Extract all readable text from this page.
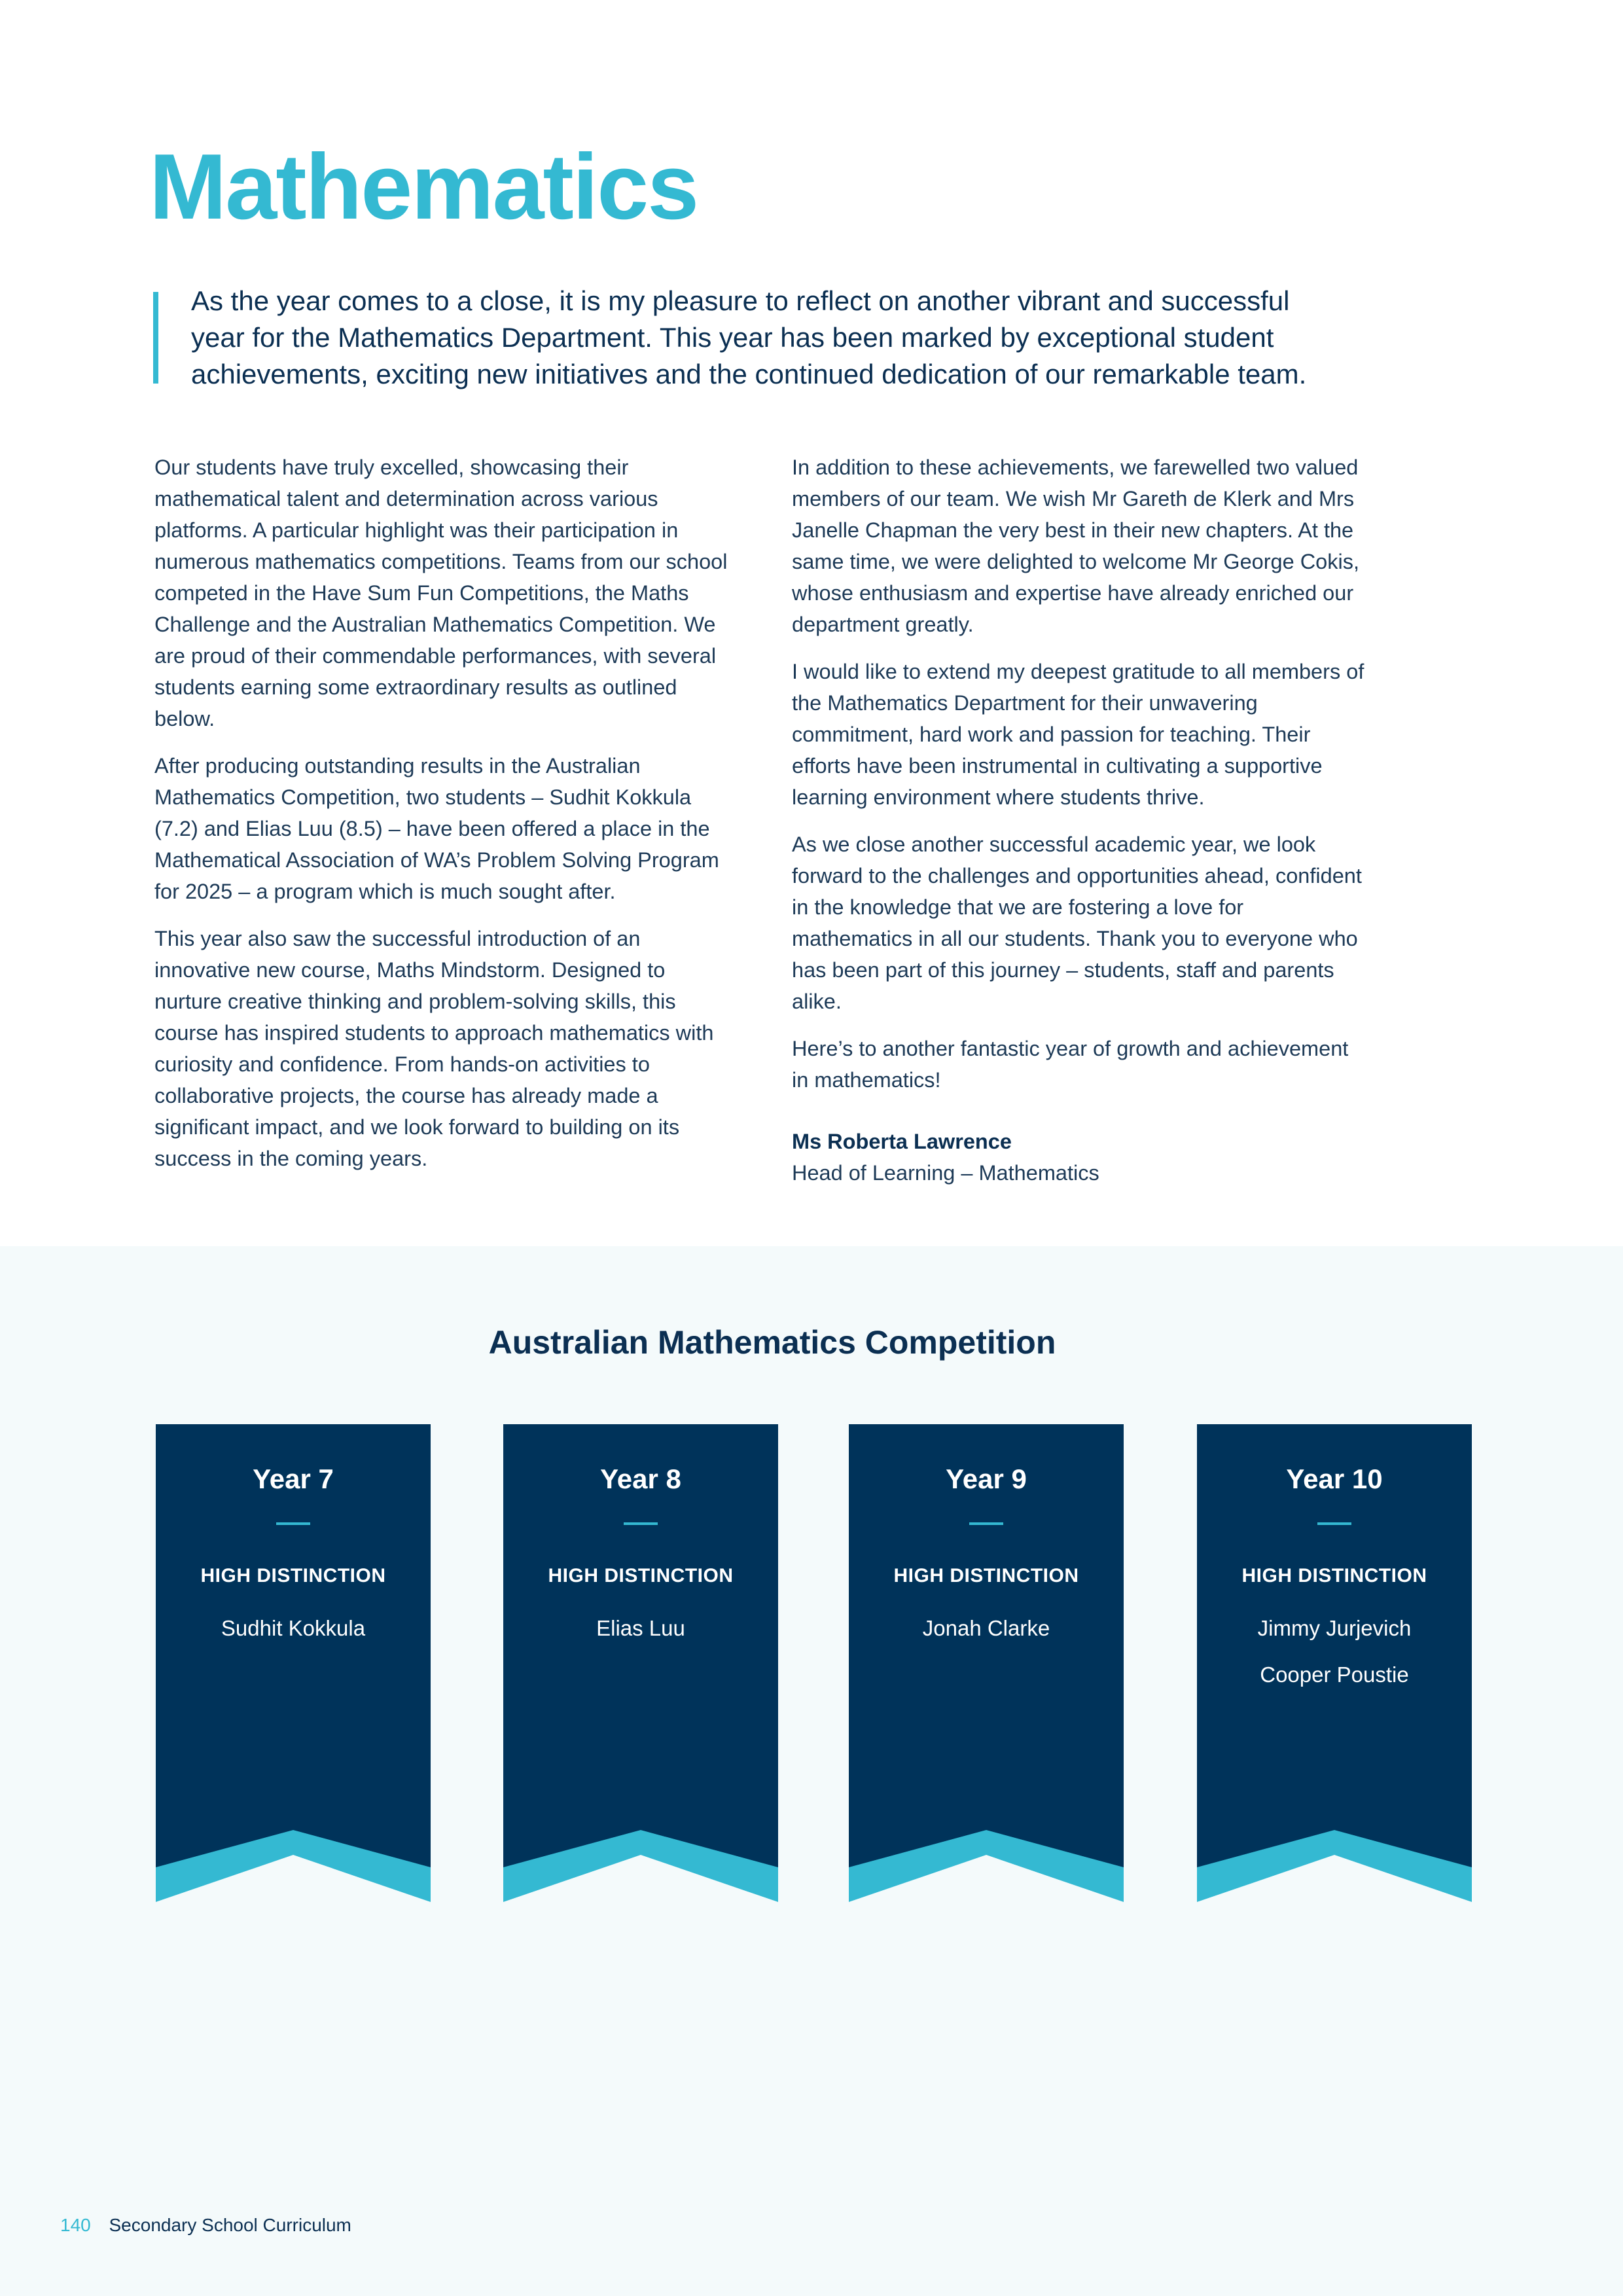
Mathematics

As the year comes to a close, it is my pleasure to reflect on another vibrant and successful year for the Mathematics Department. This year has been marked by exceptional student achievements, exciting new initiatives and the continued dedication of our remarkable team.

Our students have truly excelled, showcasing their mathematical talent and determination across various platforms. A particular highlight was their participation in numerous mathematics competitions. Teams from our school competed in the Have Sum Fun Competitions, the Maths Challenge and the Australian Mathematics Competition. We are proud of their commendable performances, with several students earning some extraordinary results as outlined below.

After producing outstanding results in the Australian Mathematics Competition, two students – Sudhit Kokkula (7.2) and Elias Luu (8.5) – have been offered a place in the Mathematical Association of WA’s Problem Solving Program for 2025 – a program which is much sought after.

This year also saw the successful introduction of an innovative new course, Maths Mindstorm. Designed to nurture creative thinking and problem-solving skills, this course has inspired students to approach mathematics with curiosity and confidence. From hands-on activities to collaborative projects, the course has already made a significant impact, and we look forward to building on its success in the coming years.

In addition to these achievements, we farewelled two valued members of our team. We wish Mr Gareth de Klerk and Mrs Janelle Chapman the very best in their new chapters. At the same time, we were delighted to welcome Mr George Cokis, whose enthusiasm and expertise have already enriched our department greatly.

I would like to extend my deepest gratitude to all members of the Mathematics Department for their unwavering commitment, hard work and passion for teaching. Their efforts have been instrumental in cultivating a supportive learning environment where students thrive.

As we close another successful academic year, we look forward to the challenges and opportunities ahead, confident in the knowledge that we are fostering a love for mathematics in all our students. Thank you to everyone who has been part of this journey – students, staff and parents alike.

Here’s to another fantastic year of growth and achievement in mathematics!

Ms Roberta Lawrence

Head of Learning – Mathematics

Australian Mathematics Competition
Year 7
HIGH DISTINCTION
Sudhit Kokkula
Year 8
HIGH DISTINCTION
Elias Luu
Year 9
HIGH DISTINCTION
Jonah Clarke
Year 10
HIGH DISTINCTION
Jimmy Jurjevich
Cooper Poustie
140 Secondary School Curriculum
